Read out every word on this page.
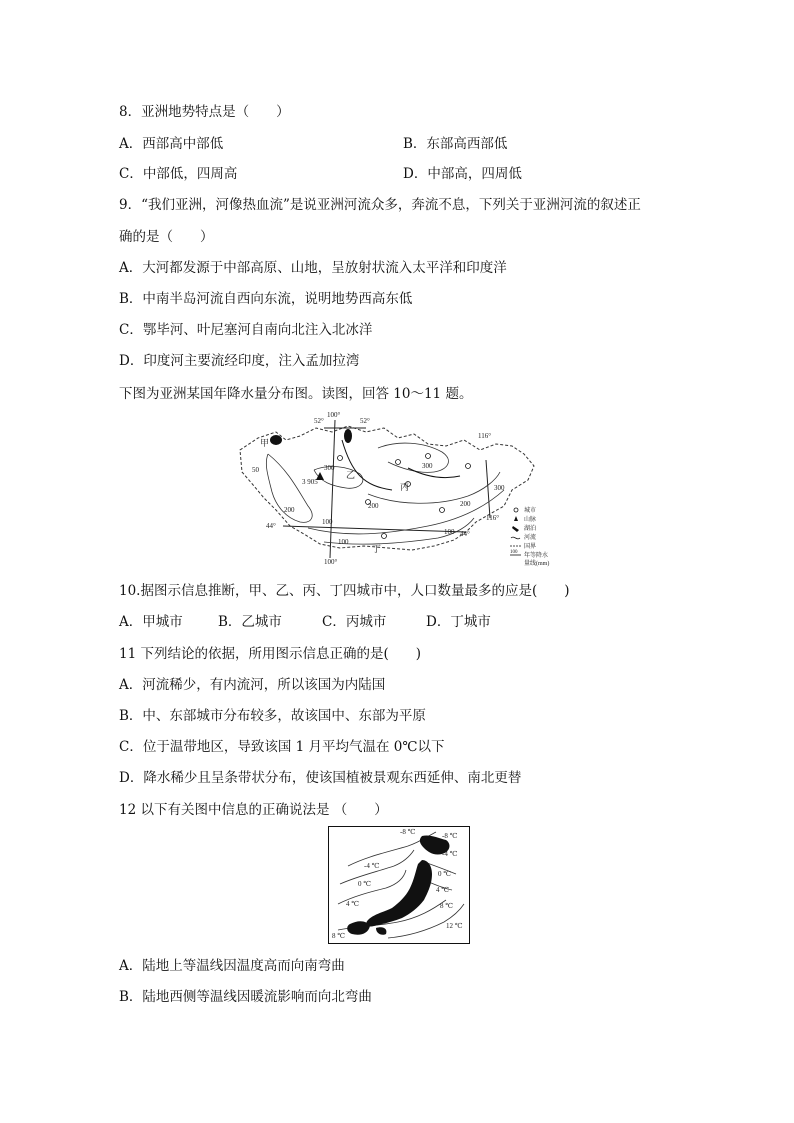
8．亚洲地势特点是（　　）
A．西部高中部低	B．东部高西部低
C．中部低，四周高	D．中部高，四周低
9．“我们亚洲，河像热血流”是说亚洲河流众多，奔流不息，下列关于亚洲河流的叙述正
确的是（　　）
A．大河都发源于中部高原、山地，呈放射状流入太平洋和印度洋
B．中南半岛河流自西向东流，说明地势西高东低
C．鄂毕河、叶尼塞河自南向北注入北冰洋
D．印度河主要流经印度，注入孟加拉湾
下图为亚洲某国年降水量分布图。读图，回答 10～11 题。
100°
52°	52°
116°
116°
44°
44°
100°
甲
乙
丙
丁
300	300
300
200	200	200
100
100
100
50
3 905
城市
山脉
湖泊
河流
国界
100
年等降水
量线(mm)
10.据图示信息推断，甲、乙、丙、丁四城市中，人口数量最多的应是(　　)
A．甲城市	B．乙城市	C．丙城市	D．丁城市
11 下列结论的依据，所用图示信息正确的是(　　)
A．河流稀少，有内流河，所以该国为内陆国
B．中、东部城市分布较多，故该国中、东部为平原
C．位于温带地区，导致该国 1 月平均气温在 0℃以下
D．降水稀少且呈条带状分布，使该国植被景观东西延伸、南北更替
12 以下有关图中信息的正确说法是 （　　）
-8 ℃	-8 ℃
-4 ℃
-4 ℃
0 ℃
0 ℃
4 ℃
4 ℃
8 ℃
8 ℃
12 ℃
A．陆地上等温线因温度高而向南弯曲
B．陆地西侧等温线因暖流影响而向北弯曲
